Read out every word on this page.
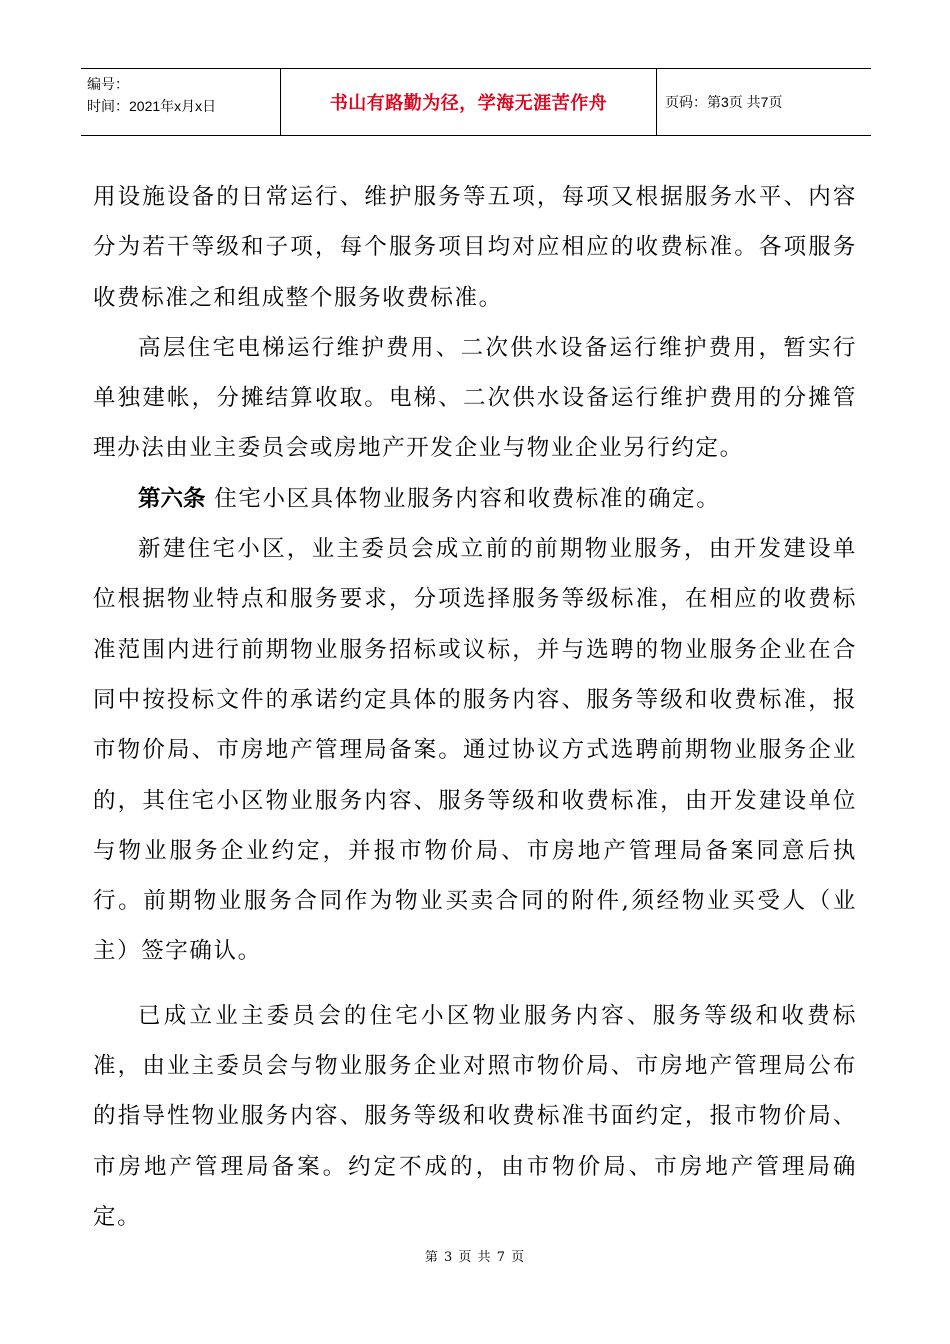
编号：
时间：2021年x月x日	书山有路勤为径，学海无涯苦作舟	页码：第3页 共7页

用设施设备的日常运行、维护服务等五项，每项又根据服务水平、内容分为若干等级和子项，每个服务项目均对应相应的收费标准。各项服务收费标准之和组成整个服务收费标准。

高层住宅电梯运行维护费用、二次供水设备运行维护费用，暂实行单独建帐，分摊结算收取。电梯、二次供水设备运行维护费用的分摊管理办法由业主委员会或房地产开发企业与物业企业另行约定。

第六条 住宅小区具体物业服务内容和收费标准的确定。

新建住宅小区，业主委员会成立前的前期物业服务，由开发建设单位根据物业特点和服务要求，分项选择服务等级标准，在相应的收费标准范围内进行前期物业服务招标或议标，并与选聘的物业服务企业在合同中按投标文件的承诺约定具体的服务内容、服务等级和收费标准，报市物价局、市房地产管理局备案。通过协议方式选聘前期物业服务企业的，其住宅小区物业服务内容、服务等级和收费标准，由开发建设单位与物业服务企业约定，并报市物价局、市房地产管理局备案同意后执行。前期物业服务合同作为物业买卖合同的附件,须经物业买受人（业主）签字确认。

已成立业主委员会的住宅小区物业服务内容、服务等级和收费标准，由业主委员会与物业服务企业对照市物价局、市房地产管理局公布的指导性物业服务内容、服务等级和收费标准书面约定，报市物价局、市房地产管理局备案。约定不成的，由市物价局、市房地产管理局确定。

第 3 页 共 7 页
